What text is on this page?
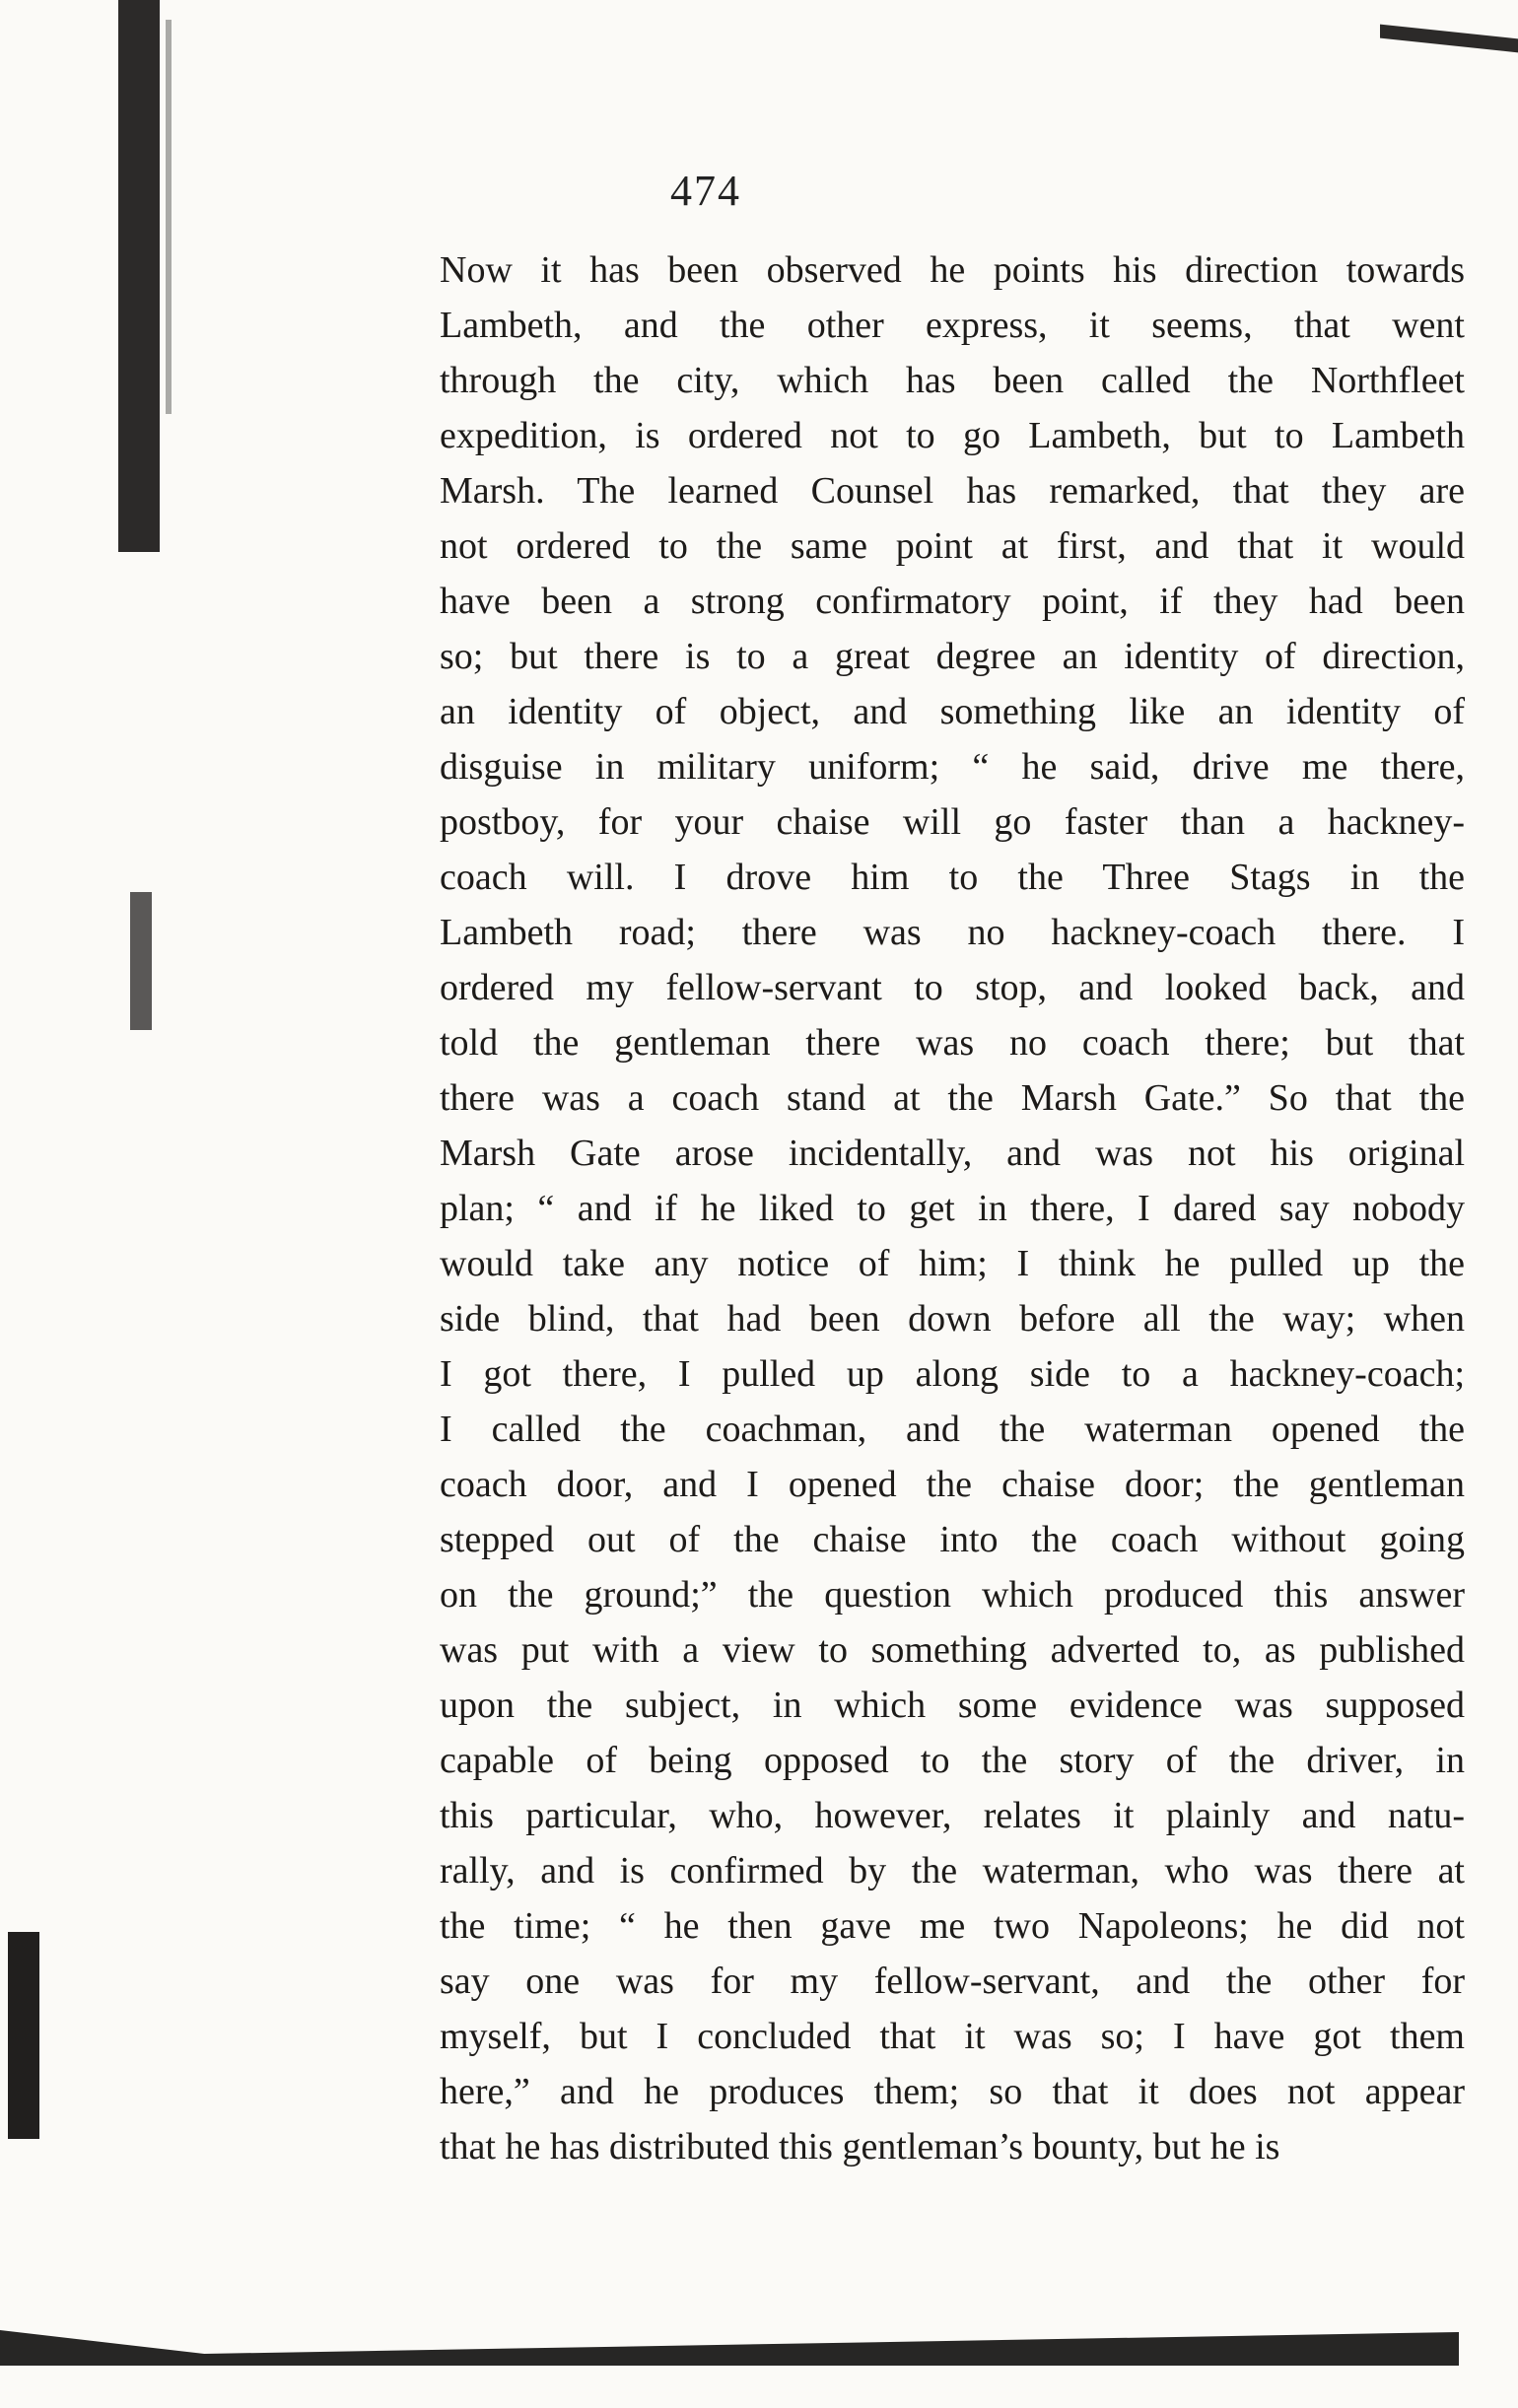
474
Now it has been observed he points his direction towards
Lambeth, and the other express, it seems, that went
through the city, which has been called the Northfleet
expedition, is ordered not to go Lambeth, but to Lambeth
Marsh. The learned Counsel has remarked, that they are
not ordered to the same point at first, and that it would
have been a strong confirmatory point, if they had been
so; but there is to a great degree an identity of direction,
an identity of object, and something like an identity of
disguise in military uniform; “ he said, drive me there,
postboy, for your chaise will go faster than a hackney-
coach will. I drove him to the Three Stags in the
Lambeth road; there was no hackney-coach there. I
ordered my fellow-servant to stop, and looked back, and
told the gentleman there was no coach there; but that
there was a coach stand at the Marsh Gate.” So that the
Marsh Gate arose incidentally, and was not his original
plan; “ and if he liked to get in there, I dared say nobody
would take any notice of him; I think he pulled up the
side blind, that had been down before all the way; when
I got there, I pulled up along side to a hackney-coach;
I called the coachman, and the waterman opened the
coach door, and I opened the chaise door; the gentleman
stepped out of the chaise into the coach without going
on the ground;” the question which produced this answer
was put with a view to something adverted to, as published
upon the subject, in which some evidence was supposed
capable of being opposed to the story of the driver, in
this particular, who, however, relates it plainly and natu-
rally, and is confirmed by the waterman, who was there at
the time; “ he then gave me two Napoleons; he did not
say one was for my fellow-servant, and the other for
myself, but I concluded that it was so; I have got them
here,” and he produces them; so that it does not appear
that he has distributed this gentleman’s bounty, but he is
